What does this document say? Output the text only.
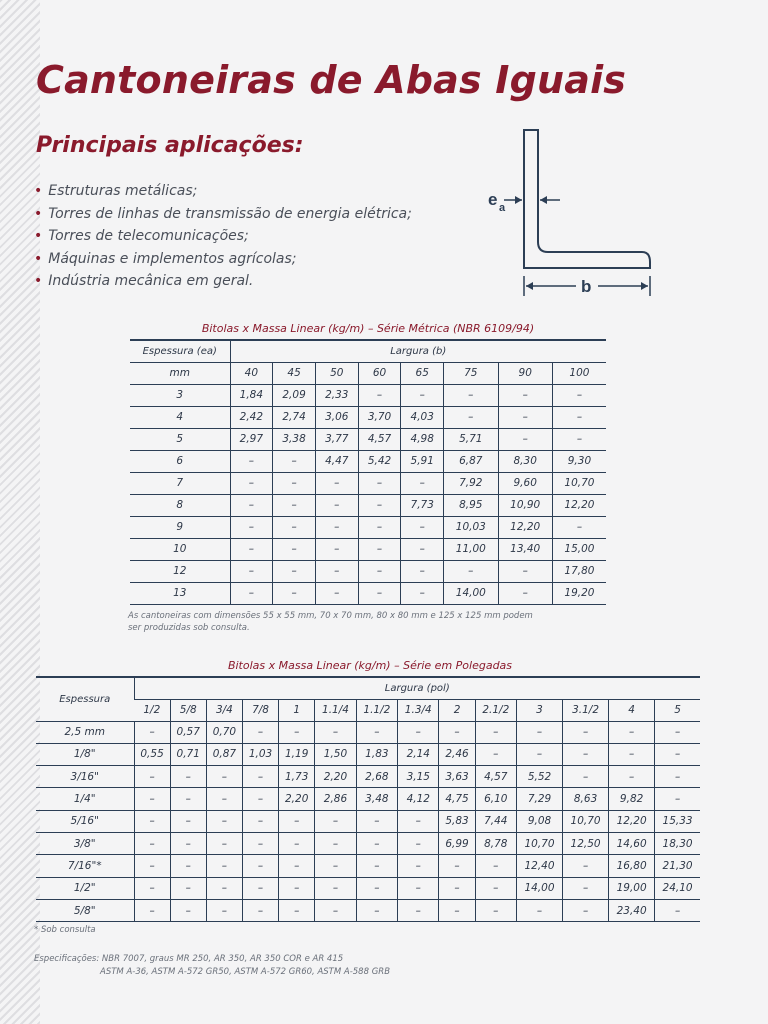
Cantoneiras de Abas Iguais
Principais aplicações:
• Estruturas metálicas;
• Torres de linhas de transmissão de energia elétrica;
• Torres de telecomunicações;
• Máquinas e implementos agrícolas;
• Indústria mecânica em geral.
e a
b
Bitolas x Massa Linear (kg/m) – Série Métrica (NBR 6109/94)
Espessura (ea)	Largura (b)							
mm	40	45	50	60	65	75	90	100
3	1,84	2,09	2,33	–	–	–	–	–
4	2,42	2,74	3,06	3,70	4,03	–	–	–
5	2,97	3,38	3,77	4,57	4,98	5,71	–	–
6	–	–	4,47	5,42	5,91	6,87	8,30	9,30
7	–	–	–	–	–	7,92	9,60	10,70
8	–	–	–	–	7,73	8,95	10,90	12,20
9	–	–	–	–	–	10,03	12,20	–
10	–	–	–	–	–	11,00	13,40	15,00
12	–	–	–	–	–	–	–	17,80
13	–	–	–	–	–	14,00	–	19,20
As cantoneiras com dimensões 55 x 55 mm, 70 x 70 mm, 80 x 80 mm e 125 x 125 mm podem
ser produzidas sob consulta.
Bitolas x Massa Linear (kg/m) – Série em Polegadas
Espessura	Largura (pol)													
	1/2	5/8	3/4	7/8	1	1.1/4	1.1/2	1.3/4	2	2.1/2	3	3.1/2	4	5
2,5 mm	–	0,57	0,70	–	–	–	–	–	–	–	–	–	–	–
1/8"	0,55	0,71	0,87	1,03	1,19	1,50	1,83	2,14	2,46	–	–	–	–	–
3/16"	–	–	–	–	1,73	2,20	2,68	3,15	3,63	4,57	5,52	–	–	–
1/4"	–	–	–	–	2,20	2,86	3,48	4,12	4,75	6,10	7,29	8,63	9,82	–
5/16"	–	–	–	–	–	–	–	–	5,83	7,44	9,08	10,70	12,20	15,33
3/8"	–	–	–	–	–	–	–	–	6,99	8,78	10,70	12,50	14,60	18,30
7/16"*	–	–	–	–	–	–	–	–	–	–	12,40	–	16,80	21,30
1/2"	–	–	–	–	–	–	–	–	–	–	14,00	–	19,00	24,10
5/8"	–	–	–	–	–	–	–	–	–	–	–	–	23,40	–
* Sob consulta
Especificações: NBR 7007, graus MR 250, AR 350, AR 350 COR e AR 415
ASTM A-36, ASTM A-572 GR50, ASTM A-572 GR60, ASTM A-588 GRB
